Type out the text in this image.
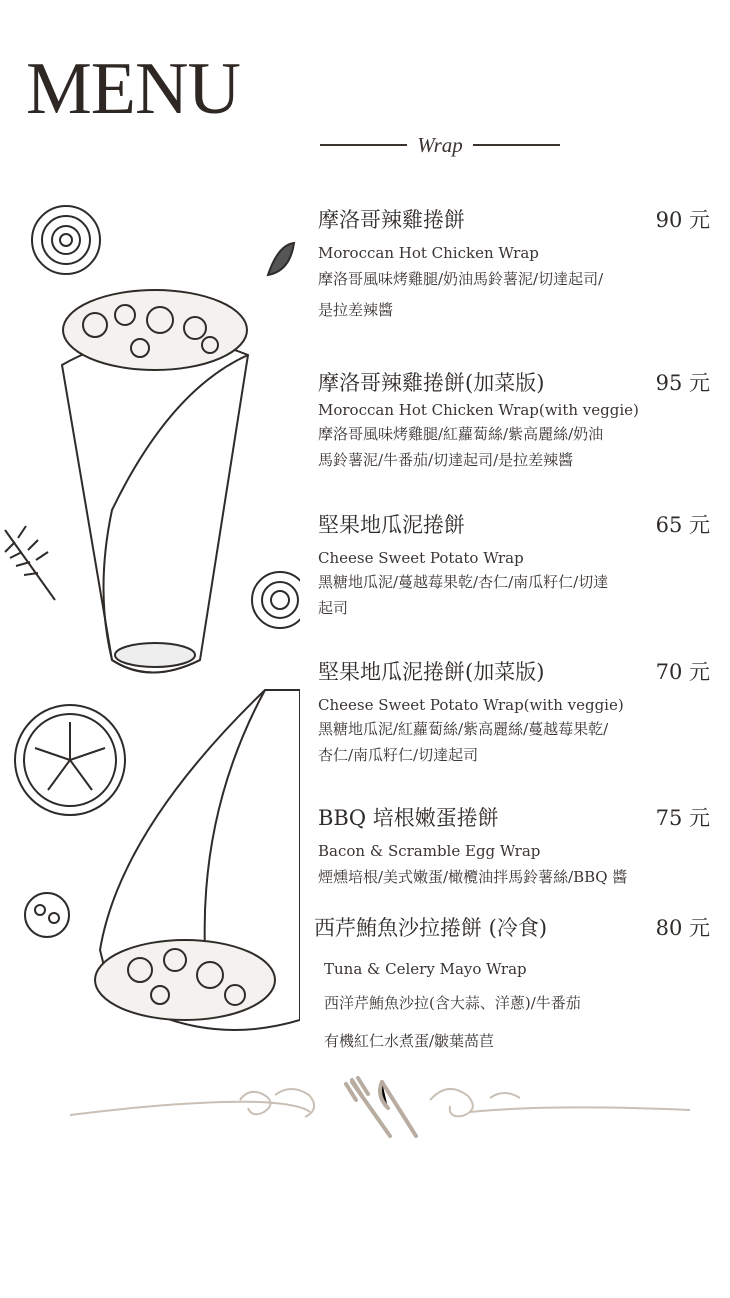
MENU
Wrap
摩洛哥辣雞捲餅	90 元
Moroccan Hot Chicken Wrap
摩洛哥風味烤雞腿/奶油馬鈴薯泥/切達起司/
是拉差辣醬
摩洛哥辣雞捲餅(加菜版)	95 元
Moroccan Hot Chicken Wrap(with veggie)
摩洛哥風味烤雞腿/紅蘿蔔絲/紫高麗絲/奶油
馬鈴薯泥/牛番茄/切達起司/是拉差辣醬
堅果地瓜泥捲餅	65 元
Cheese Sweet Potato Wrap
黑糖地瓜泥/蔓越莓果乾/杏仁/南瓜籽仁/切達
起司
堅果地瓜泥捲餅(加菜版)	70 元
Cheese Sweet Potato Wrap(with veggie)
黑糖地瓜泥/紅蘿蔔絲/紫高麗絲/蔓越莓果乾/
杏仁/南瓜籽仁/切達起司
BBQ 培根嫩蛋捲餅	75 元
Bacon & Scramble Egg Wrap
煙燻培根/美式嫩蛋/橄欖油拌馬鈴薯絲/BBQ 醬
西芹鮪魚沙拉捲餅 (冷食)	80 元
Tuna & Celery Mayo Wrap
西洋芹鮪魚沙拉(含大蒜、洋蔥)/牛番茄
有機紅仁水煮蛋/皺葉萵苣
